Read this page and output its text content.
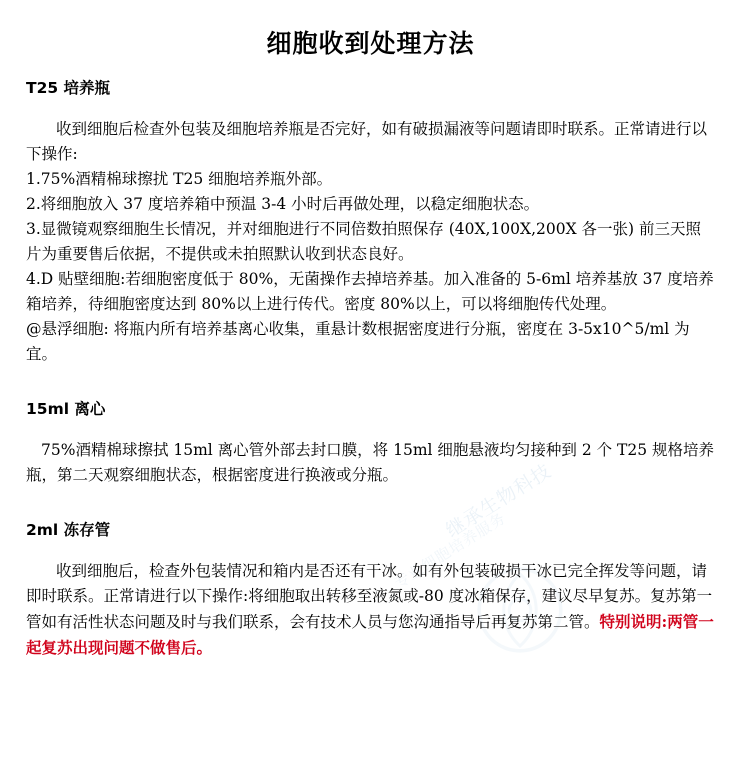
继承生物科技
专业细胞培养服务
细胞收到处理方法
T25 培养瓶

收到细胞后检查外包装及细胞培养瓶是否完好，如有破损漏液等问题请即时联系。正常请进行以下操作:

1.75%酒精棉球擦扰 T25 细胞培养瓶外部。

2.将细胞放入 37 度培养箱中预温 3-4 小时后再做处理，以稳定细胞状态。

3.显微镜观察细胞生长情况，并对细胞进行不同倍数拍照保存 (40X,100X,200X 各一张) 前三天照片为重要售后依据，不提供或未拍照默认收到状态良好。

4.D 贴壁细胞:若细胞密度低于 80%，无菌操作去掉培养基。加入准备的 5-6ml 培养基放 37 度培养箱培养，待细胞密度达到 80%以上进行传代。密度 80%以上，可以将细胞传代处理。

@悬浮细胞: 将瓶内所有培养基离心收集，重悬计数根据密度进行分瓶，密度在 3-5x10^5/ml 为宜。

15ml 离心

75%酒精棉球擦拭 15ml 离心管外部去封口膜，将 15ml 细胞悬液均匀接种到 2 个 T25 规格培养瓶，第二天观察细胞状态，根据密度进行换液或分瓶。

2ml 冻存管

收到细胞后，检查外包装情况和箱内是否还有干冰。如有外包装破损干冰已完全挥发等问题，请即时联系。正常请进行以下操作:将细胞取出转移至液氮或-80 度冰箱保存，建议尽早复苏。复苏第一管如有活性状态问题及时与我们联系，会有技术人员与您沟通指导后再复苏第二管。特别说明:两管一起复苏出现问题不做售后。
